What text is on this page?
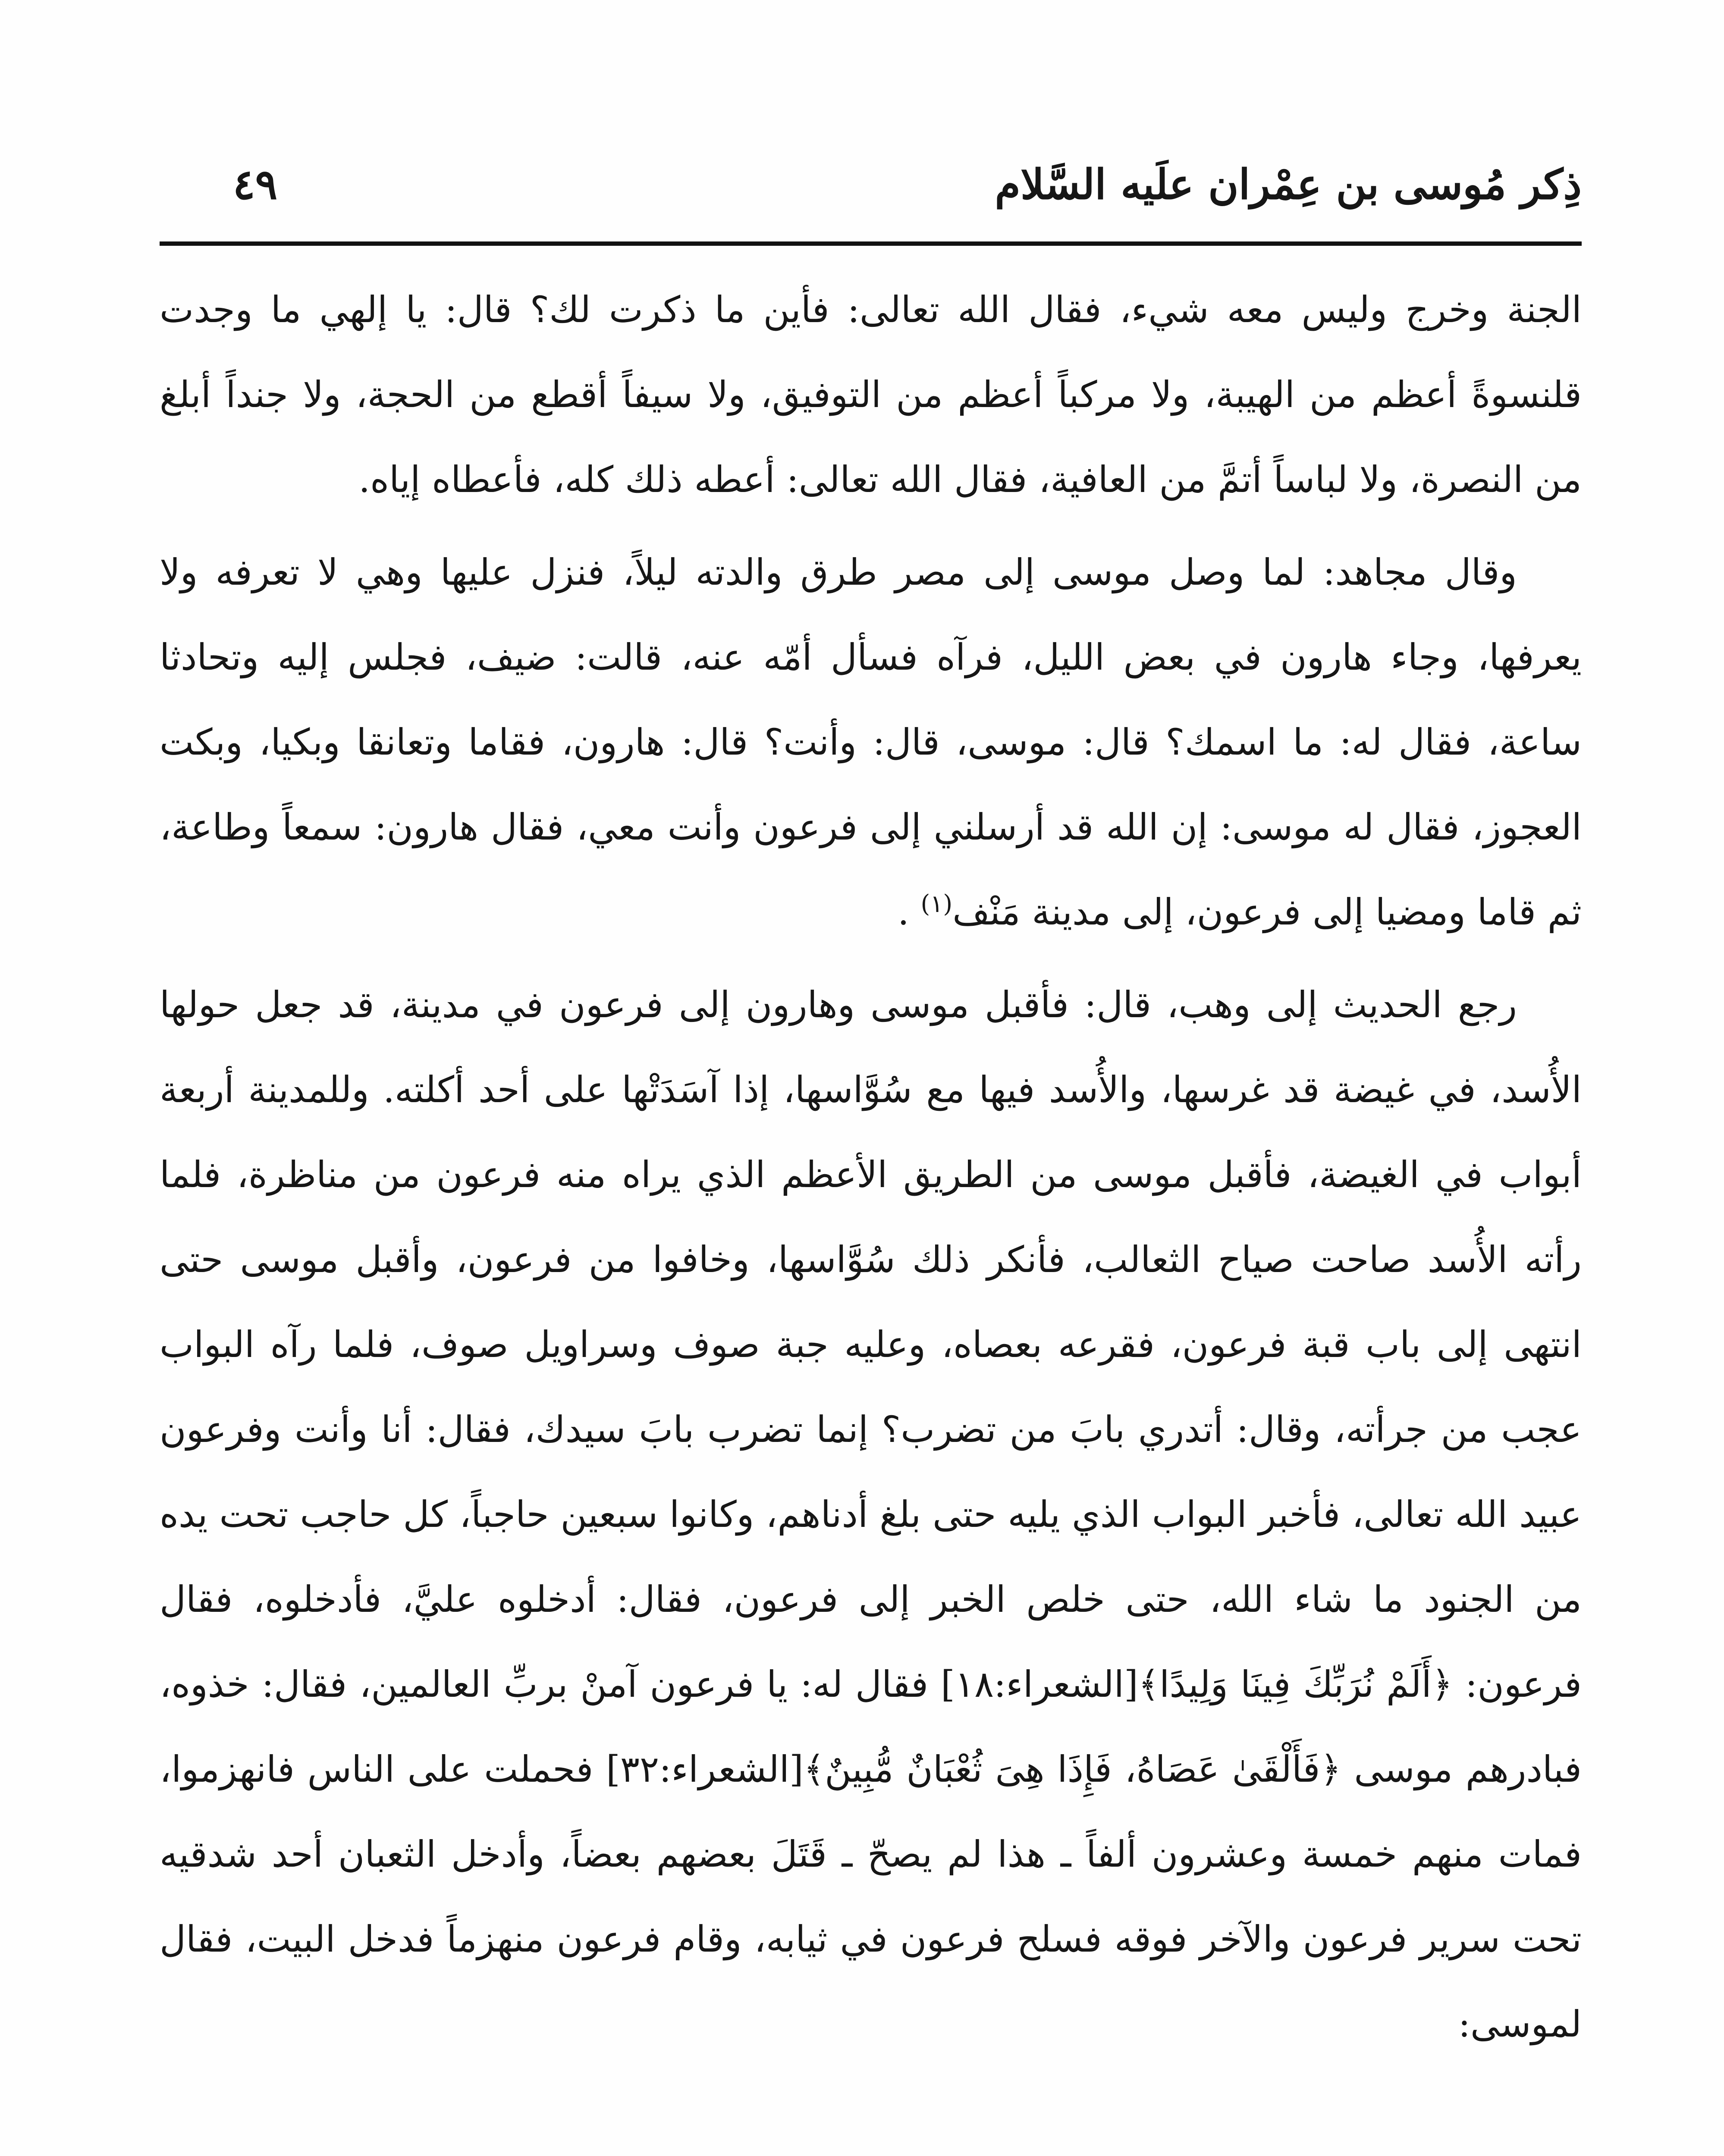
ذِكر مُوسى بن عِمْران علَيه السَّلام
٤٩

الجنة وخرج وليس معه شيء، فقال الله تعالى: فأين ما ذكرت لك؟ قال: يا إلهي ما وجدت قلنسوةً أعظم من الهيبة، ولا مركباً أعظم من التوفيق، ولا سيفاً أقطع من الحجة، ولا جنداً أبلغ من النصرة، ولا لباساً أتمَّ من العافية، فقال الله تعالى: أعطه ذلك كله، فأعطاه إياه.

وقال مجاهد: لما وصل موسى إلى مصر طرق والدته ليلاً، فنزل عليها وهي لا تعرفه ولا يعرفها، وجاء هارون في بعض الليل، فرآه فسأل أمّه عنه، قالت: ضيف، فجلس إليه وتحادثا ساعة، فقال له: ما اسمك؟ قال: موسى، قال: وأنت؟ قال: هارون، فقاما وتعانقا وبكيا، وبكت العجوز، فقال له موسى: إن الله قد أرسلني إلى فرعون وأنت معي، فقال هارون: سمعاً وطاعة، ثم قاما ومضيا إلى فرعون، إلى مدينة مَنْف$^{(١)}$ .

رجع الحديث إلى وهب، قال: فأقبل موسى وهارون إلى فرعون في مدينة، قد جعل حولها الأُسد، في غيضة قد غرسها، والأُسد فيها مع سُوَّاسها، إذا آسَدَتْها على أحد أكلته. وللمدينة أربعة أبواب في الغيضة، فأقبل موسى من الطريق الأعظم الذي يراه منه فرعون من مناظرة، فلما رأته الأُسد صاحت صياح الثعالب، فأنكر ذلك سُوَّاسها، وخافوا من فرعون، وأقبل موسى حتى انتهى إلى باب قبة فرعون، فقرعه بعصاه، وعليه جبة صوف وسراويل صوف، فلما رآه البواب عجب من جرأته، وقال: أتدري بابَ من تضرب؟ إنما تضرب بابَ سيدك، فقال: أنا وأنت وفرعون عبيد الله تعالى، فأخبر البواب الذي يليه حتى بلغ أدناهم، وكانوا سبعين حاجباً، كل حاجب تحت يده من الجنود ما شاء الله، حتى خلص الخبر إلى فرعون، فقال: أدخلوه عليَّ، فأدخلوه، فقال فرعون: ﴿أَلَمْ نُرَبِّكَ فِينَا وَلِيدًا﴾[الشعراء:١٨] فقال له: يا فرعون آمنْ بربِّ العالمين، فقال: خذوه، فبادرهم موسى ﴿فَأَلْقَىٰ عَصَاهُ، فَإِذَا هِىَ ثُعْبَانٌ مُّبِينٌ﴾[الشعراء:٣٢] فحملت على الناس فانهزموا، فمات منهم خمسة وعشرون ألفاً ـ هذا لم يصحّ ـ قَتَلَ بعضهم بعضاً، وأدخل الثعبان أحد شدقيه تحت سرير فرعون والآخر فوقه فسلح فرعون في ثيابه، وقام فرعون منهزماً فدخل البيت، فقال لموسى:
